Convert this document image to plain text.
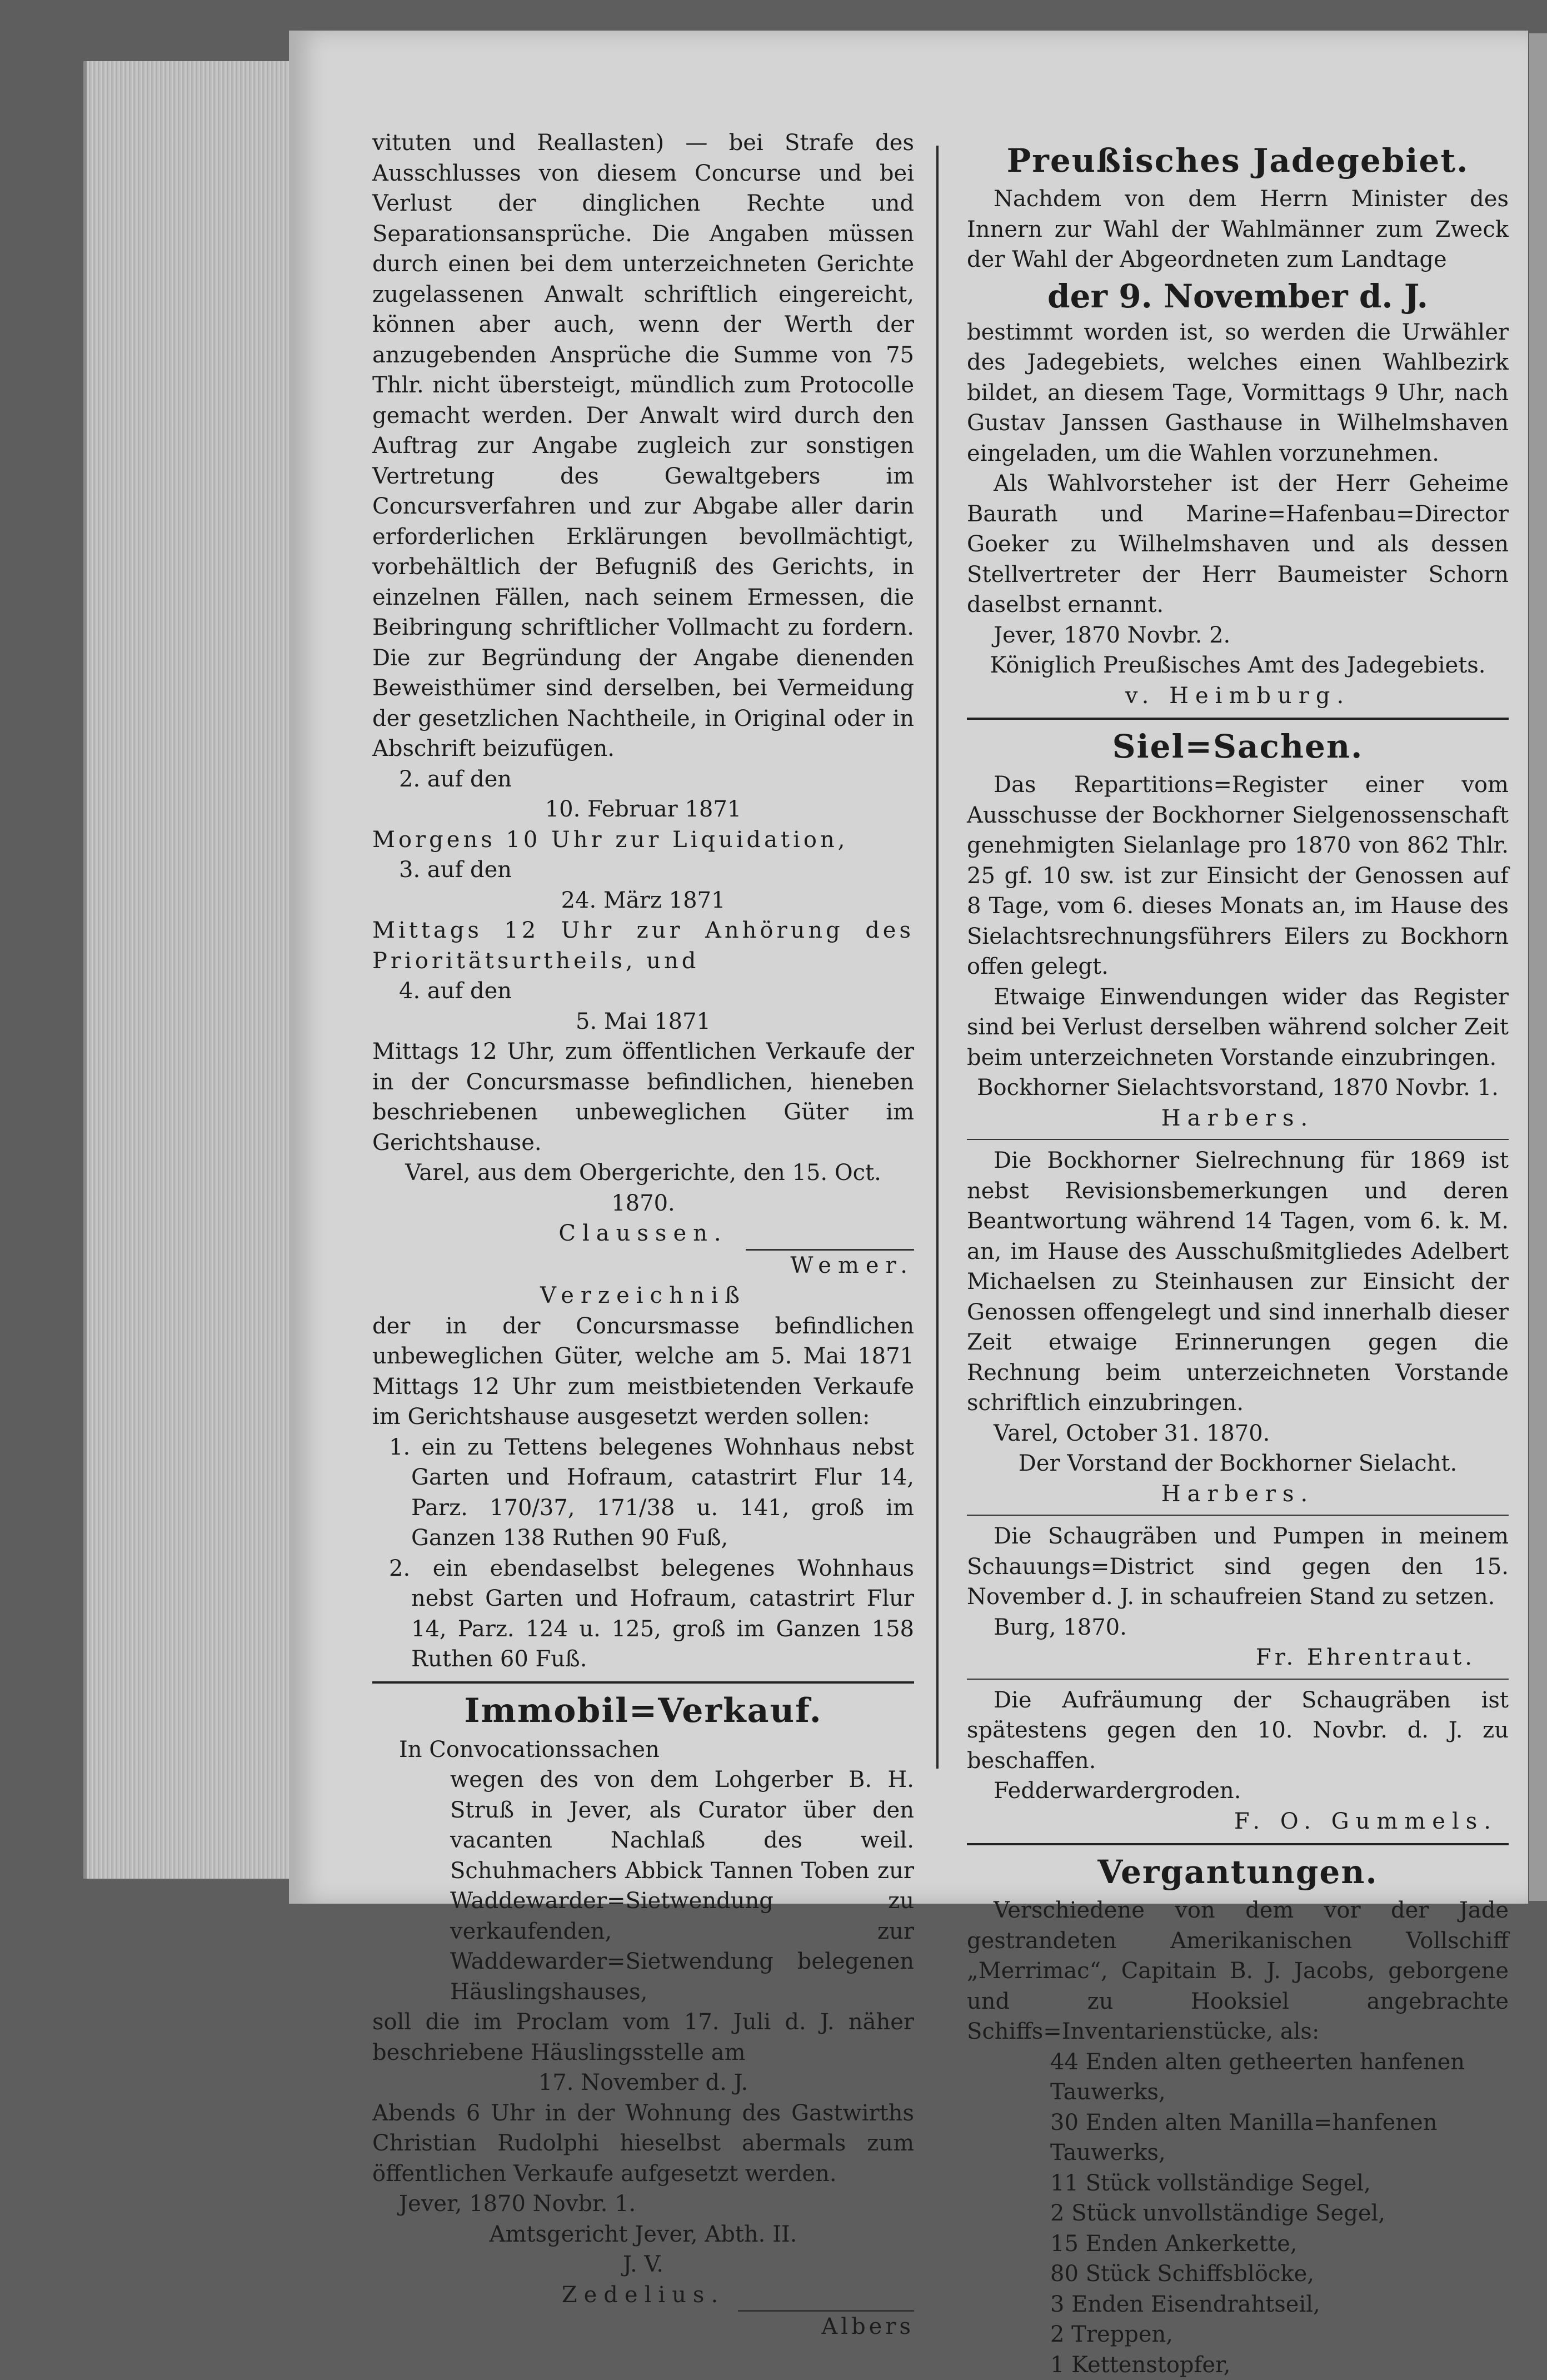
vituten und Reallasten) — bei Strafe des Ausschlusses von diesem Concurse und bei Verlust der dinglichen Rechte und Separationsansprüche. Die Angaben müssen durch einen bei dem unterzeichneten Gerichte zugelassenen Anwalt schriftlich eingereicht, können aber auch, wenn der Werth der anzugebenden Ansprüche die Summe von 75 Thlr. nicht übersteigt, mündlich zum Protocolle gemacht werden. Der Anwalt wird durch den Auftrag zur Angabe zugleich zur sonstigen Vertretung des Gewaltgebers im Concursverfahren und zur Abgabe aller darin erforderlichen Erklärungen bevollmächtigt, vorbehältlich der Befugniß des Gerichts, in einzelnen Fällen, nach seinem Ermessen, die Beibringung schriftlicher Vollmacht zu fordern. Die zur Begründung der Angabe dienenden Beweisthümer sind derselben, bei Vermeidung der gesetzlichen Nachtheile, in Original oder in Abschrift beizufügen.

2. auf den

10. Februar 1871

Morgens 10 Uhr zur Liquidation,

3. auf den

24. März 1871

Mittags 12 Uhr zur Anhörung des Prioritätsurtheils, und

4. auf den

5. Mai 1871

Mittags 12 Uhr, zum öffentlichen Verkaufe der in der Concursmasse befindlichen, hieneben beschriebenen unbeweglichen Güter im Gerichtshause.

Varel, aus dem Obergerichte, den 15. Oct. 1870.

Claussen.

Wemer.

Verzeichniß

der in der Concursmasse befindlichen unbeweglichen Güter, welche am 5. Mai 1871 Mittags 12 Uhr zum meistbietenden Verkaufe im Gerichtshause ausgesetzt werden sollen:

1. ein zu Tettens belegenes Wohnhaus nebst Garten und Hofraum, catastrirt Flur 14, Parz. 170/37, 171/38 u. 141, groß im Ganzen 138 Ruthen 90 Fuß,

2. ein ebendaselbst belegenes Wohnhaus nebst Garten und Hofraum, catastrirt Flur 14, Parz. 124 u. 125, groß im Ganzen 158 Ruthen 60 Fuß.

Immobil=Verkauf.

In Convocationssachen

wegen des von dem Lohgerber B. H. Struß in Jever, als Curator über den vacanten Nachlaß des weil. Schuhmachers Abbick Tannen Toben zur Waddewarder=Sietwendung zu verkaufenden, zur Waddewarder=Sietwendung belegenen Häuslingshauses,

soll die im Proclam vom 17. Juli d. J. näher beschriebene Häuslingsstelle am

17. November d. J.

Abends 6 Uhr in der Wohnung des Gastwirths Christian Rudolphi hieselbst abermals zum öffentlichen Verkaufe aufgesetzt werden.

Jever, 1870 Novbr. 1.

Amtsgericht Jever, Abth. II.

J. V.

Zedelius.

Albers

Preußisches Jadegebiet.

Nachdem von dem Herrn Minister des Innern zur Wahl der Wahlmänner zum Zweck der Wahl der Abgeordneten zum Landtage

der 9. November d. J.

bestimmt worden ist, so werden die Urwähler des Jadegebiets, welches einen Wahlbezirk bildet, an diesem Tage, Vormittags 9 Uhr, nach Gustav Janssen Gasthause in Wilhelmshaven eingeladen, um die Wahlen vorzunehmen.

Als Wahlvorsteher ist der Herr Geheime Baurath und Marine=Hafenbau=Director Goeker zu Wilhelmshaven und als dessen Stellvertreter der Herr Baumeister Schorn daselbst ernannt.

Jever, 1870 Novbr. 2.

Königlich Preußisches Amt des Jadegebiets.

v. Heimburg.

Siel=Sachen.

Das Repartitions=Register einer vom Ausschusse der Bockhorner Sielgenossenschaft genehmigten Sielanlage pro 1870 von 862 Thlr. 25 gf. 10 sw. ist zur Einsicht der Genossen auf 8 Tage, vom 6. dieses Monats an, im Hause des Sielachtsrechnungsführers Eilers zu Bockhorn offen gelegt.

Etwaige Einwendungen wider das Register sind bei Verlust derselben während solcher Zeit beim unterzeichneten Vorstande einzubringen.

Bockhorner Sielachtsvorstand, 1870 Novbr. 1.

Harbers.

Die Bockhorner Sielrechnung für 1869 ist nebst Revisionsbemerkungen und deren Beantwortung während 14 Tagen, vom 6. k. M. an, im Hause des Ausschußmitgliedes Adelbert Michaelsen zu Steinhausen zur Einsicht der Genossen offengelegt und sind innerhalb dieser Zeit etwaige Erinnerungen gegen die Rechnung beim unterzeichneten Vorstande schriftlich einzubringen.

Varel, October 31. 1870.

Der Vorstand der Bockhorner Sielacht.

Harbers.

Die Schaugräben und Pumpen in meinem Schauungs=District sind gegen den 15. November d. J. in schaufreien Stand zu setzen.

Burg, 1870.

Fr. Ehrentraut.

Die Aufräumung der Schaugräben ist spätestens gegen den 10. Novbr. d. J. zu beschaffen.

Fedderwardergroden.

F. O. Gummels.

Vergantungen.

Verschiedene von dem vor der Jade gestrandeten Amerikanischen Vollschiff „Merrimac“, Capitain B. J. Jacobs, geborgene und zu Hooksiel angebrachte Schiffs=Inventarienstücke, als:

44 Enden alten getheerten hanfenen Tauwerks,

30 Enden alten Manilla=hanfenen Tauwerks,

11 Stück vollständige Segel,

2 Stück unvollständige Segel,

15 Enden Ankerkette,

80 Stück Schiffsblöcke,

3 Enden Eisendrahtseil,

2 Treppen,

1 Kettenstopfer,
